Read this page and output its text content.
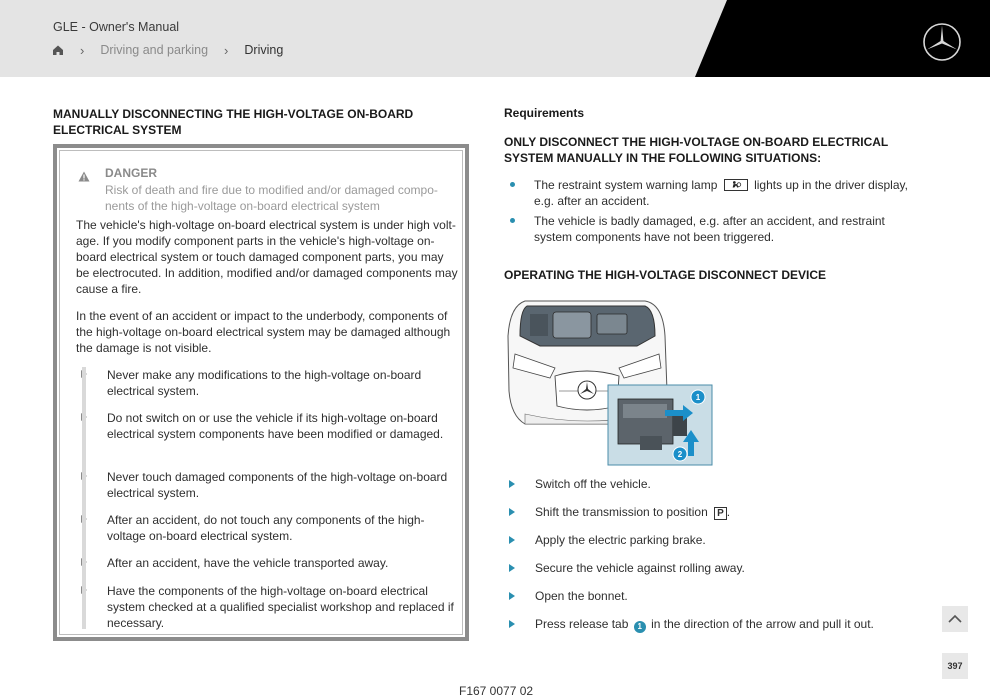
GLE - Owner's Manual
› Driving and parking › Driving
MANUALLY DISCONNECTING THE HIGH-VOLTAGE ON-BOARD ELECTRICAL SYSTEM
DANGER
Risk of death and fire due to modified and/or damaged compo-nents of the high-voltage on-board electrical system
The vehicle's high-voltage on-board electrical system is under high volt-age. If you modify component parts in the vehicle's high-voltage on-board electrical system or touch damaged component parts, you may be electrocuted. In addition, modified and/or damaged components may cause a fire.
In the event of an accident or impact to the underbody, components of the high-voltage on-board electrical system may be damaged although the damage is not visible.
Never make any modifications to the high-voltage on-board electrical system.
Do not switch on or use the vehicle if its high-voltage on-board electrical system components have been modified or damaged.
Never touch damaged components of the high-voltage on-board electrical system.
After an accident, do not touch any components of the high-voltage on-board electrical system.
After an accident, have the vehicle transported away.
Have the components of the high-voltage on-board electrical system checked at a qualified specialist workshop and replaced if necessary.
Requirements
ONLY DISCONNECT THE HIGH-VOLTAGE ON-BOARD ELECTRICAL SYSTEM MANUALLY IN THE FOLLOWING SITUATIONS:
The restraint system warning lamp	lights up in the driver display, e.g. after an accident.
The vehicle is badly damaged, e.g. after an accident, and restraint system components have not been triggered.
OPERATING THE HIGH-VOLTAGE DISCONNECT DEVICE
1
2
Switch off the vehicle.
Shift the transmission to position P .
Apply the electric parking brake.
Secure the vehicle against rolling away.
Open the bonnet.
Press release tab 1 in the direction of the arrow and pull it out.
397
F167 0077 02
